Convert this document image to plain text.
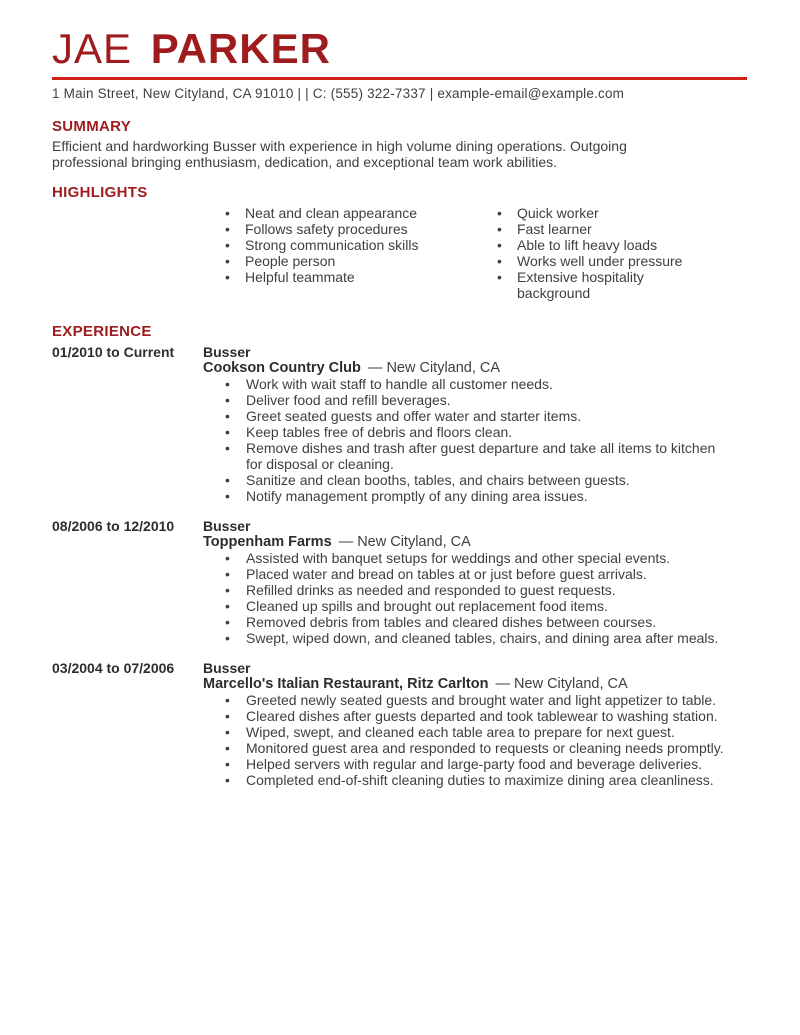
JAE PARKER
1 Main Street, New Cityland, CA 91010 | | C: (555) 322-7337 | example-email@example.com
SUMMARY
Efficient and hardworking Busser with experience in high volume dining operations. Outgoing professional bringing enthusiasm, dedication, and exceptional team work abilities.
HIGHLIGHTS
• Neat and clean appearance
• Follows safety procedures
• Strong communication skills
• People person
• Helpful teammate
• Quick worker
• Fast learner
• Able to lift heavy loads
• Works well under pressure
• Extensive hospitality background
EXPERIENCE
01/2010 to Current	Busser
Cookson Country Club — New Cityland, CA
• Work with wait staff to handle all customer needs.
• Deliver food and refill beverages.
• Greet seated guests and offer water and starter items.
• Keep tables free of debris and floors clean.
• Remove dishes and trash after guest departure and take all items to kitchen for disposal or cleaning.
• Sanitize and clean booths, tables, and chairs between guests.
• Notify management promptly of any dining area issues.
08/2006 to 12/2010	Busser
Toppenham Farms — New Cityland, CA
• Assisted with banquet setups for weddings and other special events.
• Placed water and bread on tables at or just before guest arrivals.
• Refilled drinks as needed and responded to guest requests.
• Cleaned up spills and brought out replacement food items.
• Removed debris from tables and cleared dishes between courses.
• Swept, wiped down, and cleaned tables, chairs, and dining area after meals.
03/2004 to 07/2006	Busser
Marcello's Italian Restaurant, Ritz Carlton — New Cityland, CA
• Greeted newly seated guests and brought water and light appetizer to table.
• Cleared dishes after guests departed and took tablewear to washing station.
• Wiped, swept, and cleaned each table area to prepare for next guest.
• Monitored guest area and responded to requests or cleaning needs promptly.
• Helped servers with regular and large-party food and beverage deliveries.
• Completed end-of-shift cleaning duties to maximize dining area cleanliness.
